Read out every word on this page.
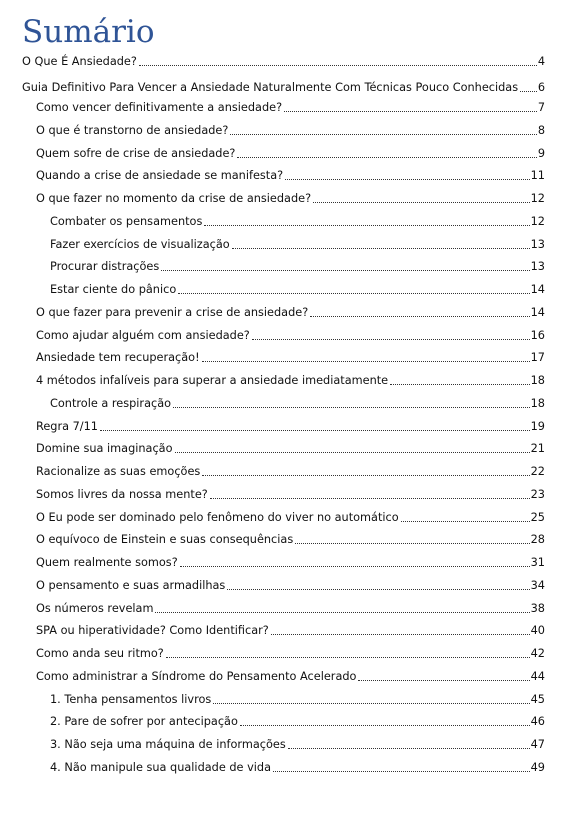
Sumário
O Que É Ansiedade?	4
Guia Definitivo Para Vencer a Ansiedade Naturalmente Com Técnicas Pouco Conhecidas 6
Como vencer definitivamente a ansiedade?	7
O que é transtorno de ansiedade?	8
Quem sofre de crise de ansiedade?	9
Quando a crise de ansiedade se manifesta?	11
O que fazer no momento da crise de ansiedade?	12
Combater os pensamentos	12
Fazer exercícios de visualização	13
Procurar distrações	13
Estar ciente do pânico	14
O que fazer para prevenir a crise de ansiedade?	14
Como ajudar alguém com ansiedade?	16
Ansiedade tem recuperação!	17
4 métodos infalíveis para superar a ansiedade imediatamente	18
Controle a respiração	18
Regra 7/11	19
Domine sua imaginação	21
Racionalize as suas emoções	22
Somos livres da nossa mente?	23
O Eu pode ser dominado pelo fenômeno do viver no automático	25
O equívoco de Einstein e suas consequências	28
Quem realmente somos?	31
O pensamento e suas armadilhas	34
Os números revelam	38
SPA ou hiperatividade? Como Identificar?	40
Como anda seu ritmo?	42
Como administrar a Síndrome do Pensamento Acelerado	44
1. Tenha pensamentos livros	45
2. Pare de sofrer por antecipação	46
3. Não seja uma máquina de informações	47
4. Não manipule sua qualidade de vida	49
